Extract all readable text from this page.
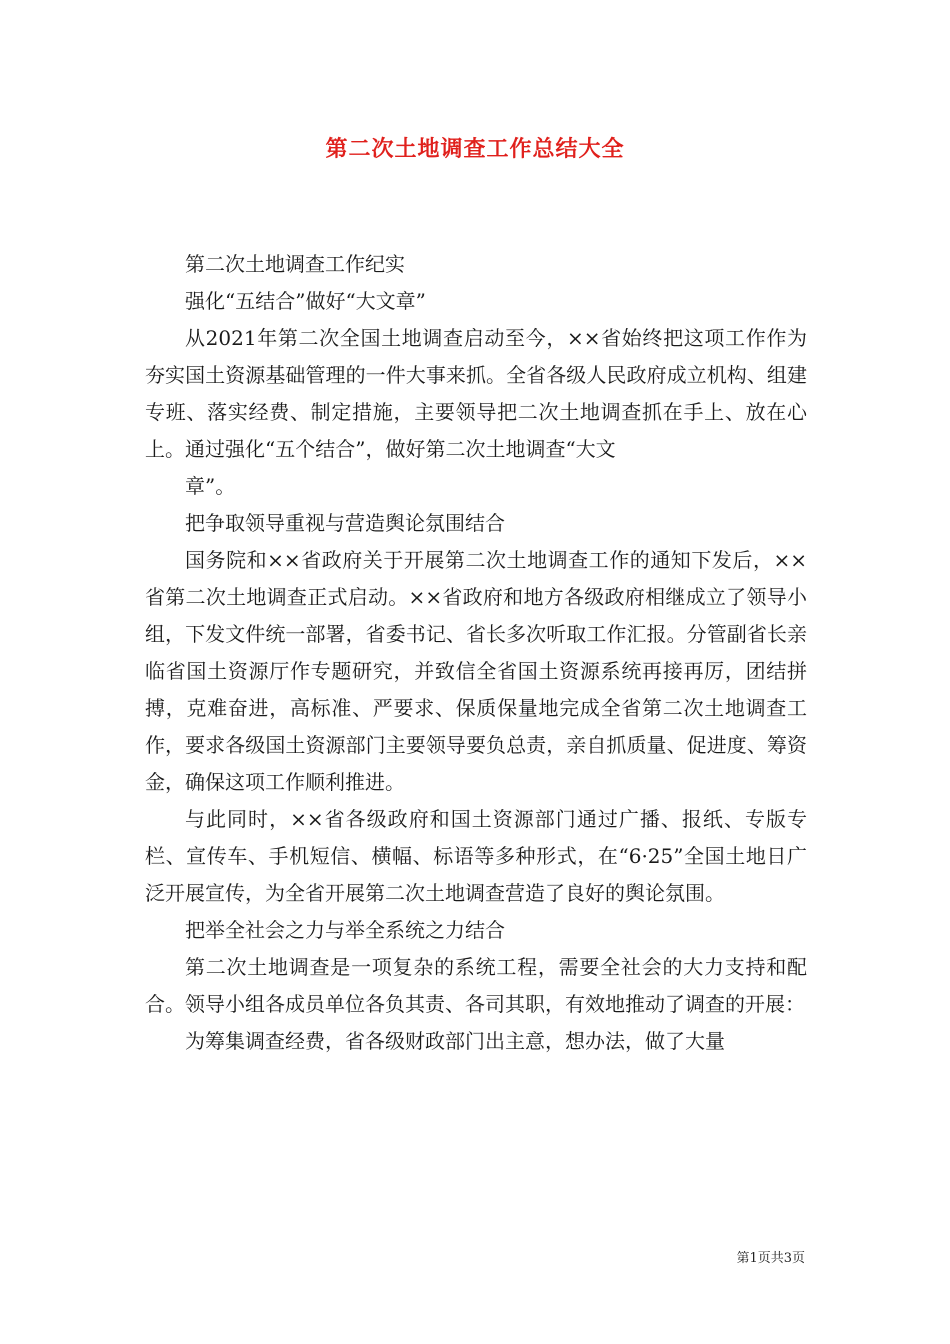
第二次土地调查工作总结大全

第二次土地调查工作纪实

强化“五结合”做好“大文章”

从2021年第二次全国土地调查启动至今，××省始终把这项工作作为夯实国土资源基础管理的一件大事来抓。全省各级人民政府成立机构、组建专班、落实经费、制定措施，主要领导把二次土地调查抓在手上、放在心上。通过强化“五个结合”，做好第二次土地调查“大文

章”。

把争取领导重视与营造舆论氛围结合

国务院和××省政府关于开展第二次土地调查工作的通知下发后，××省第二次土地调查正式启动。××省政府和地方各级政府相继成立了领导小组，下发文件统一部署，省委书记、省长多次听取工作汇报。分管副省长亲临省国土资源厅作专题研究，并致信全省国土资源系统再接再厉，团结拼搏，克难奋进，高标准、严要求、保质保量地完成全省第二次土地调查工作，要求各级国土资源部门主要领导要负总责，亲自抓质量、促进度、筹资金，确保这项工作顺利推进。

与此同时，××省各级政府和国土资源部门通过广播、报纸、专版专栏、宣传车、手机短信、横幅、标语等多种形式，在“6·25”全国土地日广泛开展宣传，为全省开展第二次土地调查营造了良好的舆论氛围。

把举全社会之力与举全系统之力结合

第二次土地调查是一项复杂的系统工程，需要全社会的大力支持和配合。领导小组各成员单位各负其责、各司其职，有效地推动了调查的开展：

为筹集调查经费，省各级财政部门出主意，想办法，做了大量

第1页共3页
